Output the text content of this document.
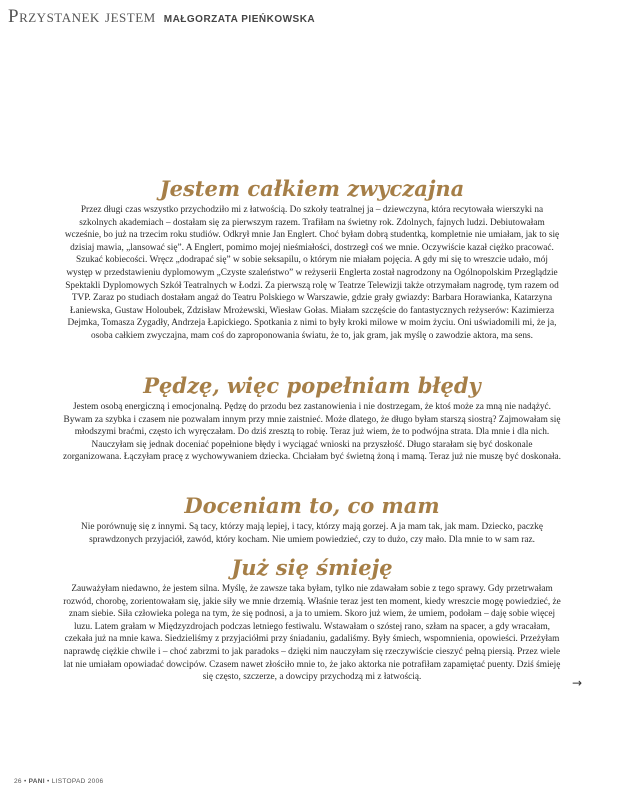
Przystanek jestem MAŁGORZATA PIEŃKOWSKA
Jestem całkiem zwyczajna

Przez długi czas wszystko przychodziło mi z łatwością. Do szkoły teatralnej ja – dziewczyna, która recytowała wierszyki na szkolnych akademiach – dostałam się za pierwszym razem. Trafiłam na świetny rok. Zdolnych, fajnych ludzi. Debiutowałam wcześnie, bo już na trzecim roku studiów. Odkrył mnie Jan Englert. Choć byłam dobrą studentką, kompletnie nie umiałam, jak to się dzisiaj mawia, „lansować się”. A Englert, pomimo mojej nieśmiałości, dostrzegł coś we mnie. Oczywiście kazał ciężko pracować. Szukać kobiecości. Wręcz „dodrapać się” w sobie seksapilu, o którym nie miałam pojęcia. A gdy mi się to wreszcie udało, mój występ w przedstawieniu dyplomowym „Czyste szaleństwo” w reżyserii Englerta został nagrodzony na Ogólnopolskim Przeglądzie Spektakli Dyplomowych Szkół Teatralnych w Łodzi. Za pierwszą rolę w Teatrze Telewizji także otrzymałam nagrodę, tym razem od TVP. Zaraz po studiach dostałam angaż do Teatru Polskiego w Warszawie, gdzie grały gwiazdy: Barbara Horawianka, Katarzyna Łaniewska, Gustaw Holoubek, Zdzisław Mrożewski, Wiesław Gołas. Miałam szczęście do fantastycznych reżyserów: Kazimierza Dejmka, Tomasza Zygadły, Andrzeja Łapickiego. Spotkania z nimi to były kroki milowe w moim życiu. Oni uświadomili mi, że ja, osoba całkiem zwyczajna, mam coś do zaproponowania światu, że to, jak gram, jak myślę o zawodzie aktora, ma sens.

Pędzę, więc popełniam błędy

Jestem osobą energiczną i emocjonalną. Pędzę do przodu bez zastanowienia i nie dostrzegam, że ktoś może za mną nie nadążyć. Bywam za szybka i czasem nie pozwalam innym przy mnie zaistnieć. Może dlatego, że długo byłam starszą siostrą? Zajmowałam się młodszymi braćmi, często ich wyręczałam. Do dziś zresztą to robię. Teraz już wiem, że to podwójna strata. Dla mnie i dla nich. Nauczyłam się jednak doceniać popełnione błędy i wyciągać wnioski na przyszłość. Długo starałam się być doskonale zorganizowana. Łączyłam pracę z wychowywaniem dziecka. Chciałam być świetną żoną i mamą. Teraz już nie muszę być doskonała.

Doceniam to, co mam

Nie porównuję się z innymi. Są tacy, którzy mają lepiej, i tacy, którzy mają gorzej. A ja mam tak, jak mam. Dziecko, paczkę sprawdzonych przyjaciół, zawód, który kocham. Nie umiem powiedzieć, czy to dużo, czy mało. Dla mnie to w sam raz.

Już się śmieję

Zauważyłam niedawno, że jestem silna. Myślę, że zawsze taka byłam, tylko nie zdawałam sobie z tego sprawy. Gdy przetrwałam rozwód, chorobę, zorientowałam się, jakie siły we mnie drzemią. Właśnie teraz jest ten moment, kiedy wreszcie mogę powiedzieć, że znam siebie. Siła człowieka polega na tym, że się podnosi, a ja to umiem. Skoro już wiem, że umiem, podołam – daję sobie więcej luzu. Latem grałam w Międzyzdrojach podczas letniego festiwalu. Wstawałam o szóstej rano, szłam na spacer, a gdy wracałam, czekała już na mnie kawa. Siedzieliśmy z przyjaciółmi przy śniadaniu, gadaliśmy. Były śmiech, wspomnienia, opowieści. Przeżyłam naprawdę ciężkie chwile i – choć zabrzmi to jak paradoks – dzięki nim nauczyłam się rzeczywiście cieszyć pełną piersią. Przez wiele lat nie umiałam opowiadać dowcipów. Czasem nawet złościło mnie to, że jako aktorka nie potrafiłam zapamiętać puenty. Dziś śmieję się często, szczerze, a dowcipy przychodzą mi z łatwością.	→
26 • PANI • LISTOPAD 2006
